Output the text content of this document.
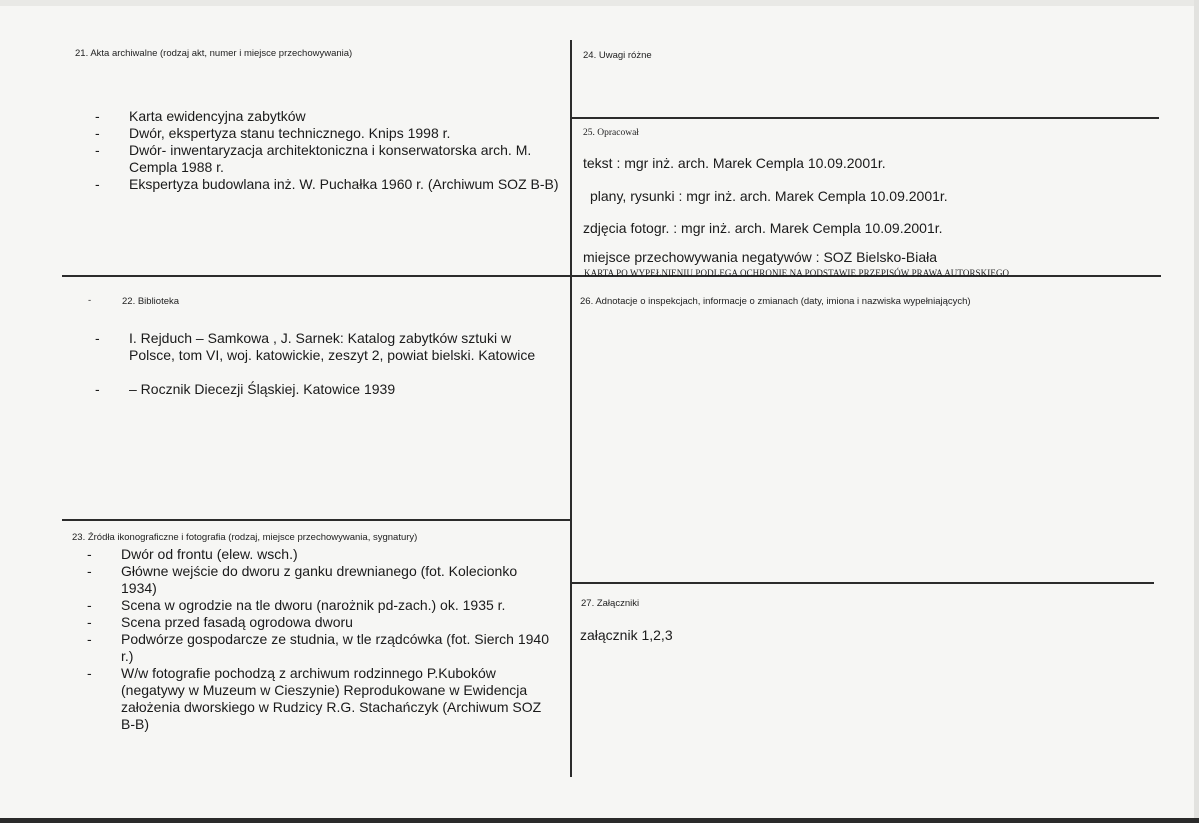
21. Akta archiwalne (rodzaj akt, numer i miejsce przechowywania)
-	Karta ewidencyjna zabytków
-	Dwór, ekspertyza stanu technicznego. Knips 1998 r.
-	Dwór- inwentaryzacja architektoniczna i konserwatorska arch. M. Cempla 1988 r.
-	Ekspertyza budowlana inż. W. Puchałka 1960 r. (Archiwum SOZ B-B)
-	22. Biblioteka
-	I. Rejduch – Samkowa , J. Sarnek: Katalog zabytków sztuki w Polsce, tom VI, woj. katowickie, zeszyt 2, powiat bielski. Katowice
-	– Rocznik Diecezji Śląskiej. Katowice 1939
23. Źródła ikonograficzne i fotografia (rodzaj, miejsce przechowywania, sygnatury)
-	Dwór od frontu (elew. wsch.)
-	Główne wejście do dworu z ganku drewnianego (fot. Kolecionko 1934)
-	Scena w ogrodzie na tle dworu (narożnik pd-zach.) ok. 1935 r.
-	Scena przed fasadą ogrodowa dworu
-	Podwórze gospodarcze ze studnia, w tle rządcówka (fot. Sierch 1940 r.)
-	W/w fotografie pochodzą z archiwum rodzinnego P.Kuboków (negatywy w Muzeum w Cieszynie) Reprodukowane w Ewidencja założenia dworskiego w Rudzicy R.G. Stachańczyk (Archiwum SOZ B-B)
24. Uwagi różne
25. Opracował
tekst : mgr inż. arch. Marek Cempla 10.09.2001r.
plany, rysunki : mgr inż. arch. Marek Cempla 10.09.2001r.
zdjęcia fotogr. : mgr inż. arch. Marek Cempla 10.09.2001r.
miejsce przechowywania negatywów : SOZ Bielsko-Biała
KARTA PO WYPEŁNIENIU PODLEGA OCHRONIE NA PODSTAWIE PRZEPISÓW PRAWA AUTORSKIEGO
26. Adnotacje o inspekcjach, informacje o zmianach (daty, imiona i nazwiska wypełniających)
27. Załączniki
załącznik 1,2,3
